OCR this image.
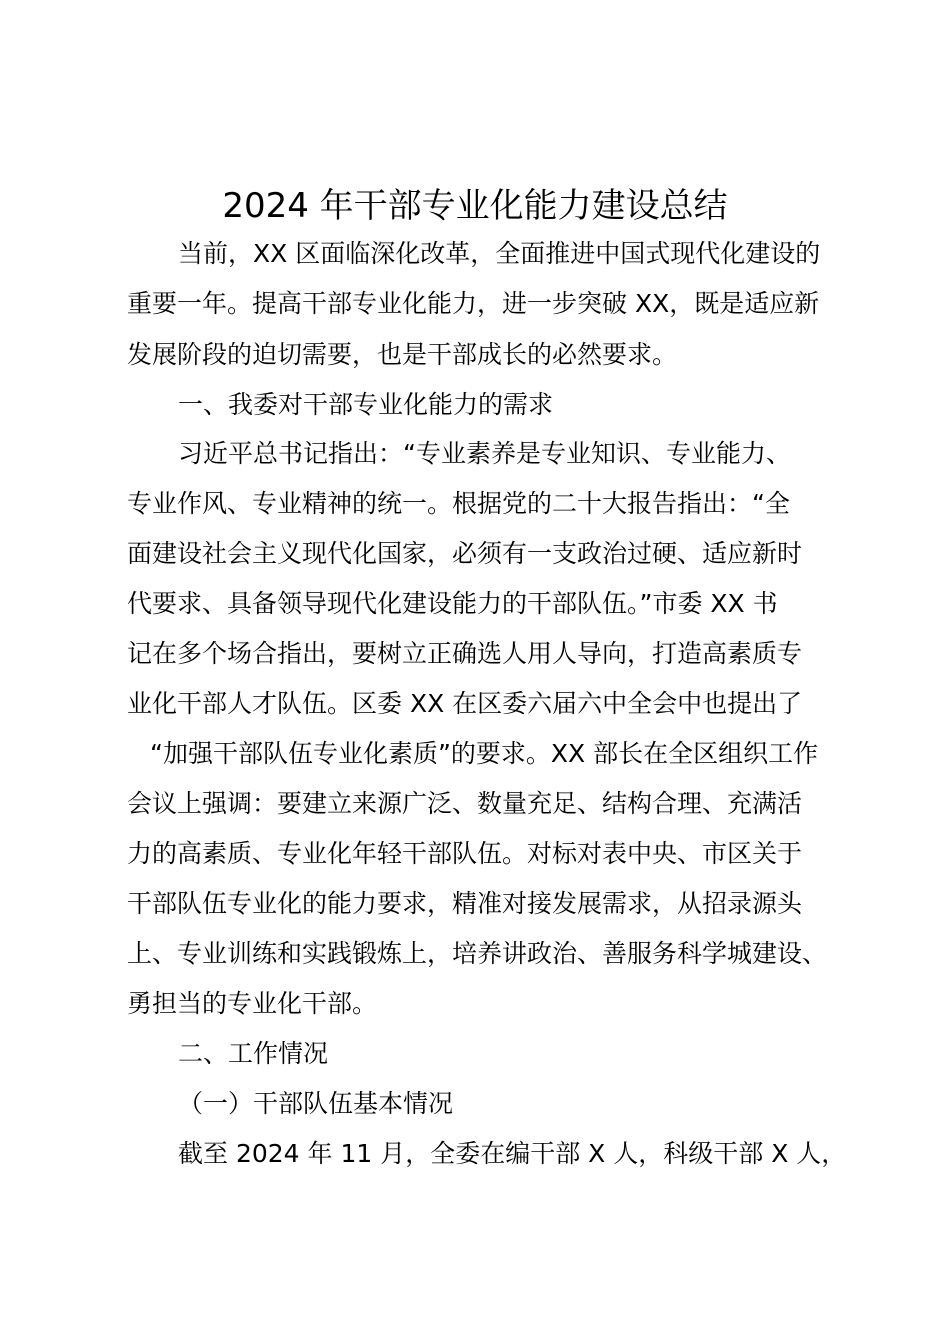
2024 年干部专业化能力建设总结
当前，XX 区面临深化改革，全面推进中国式现代化建设的
重要一年。提高干部专业化能力，进一步突破 XX，既是适应新
发展阶段的迫切需要，也是干部成长的必然要求。
一、我委对干部专业化能力的需求
习近平总书记指出：“专业素养是专业知识、专业能力、
专业作风、专业精神的统一。根据党的二十大报告指出：“全
面建设社会主义现代化国家，必须有一支政治过硬、适应新时
代要求、具备领导现代化建设能力的干部队伍。”市委 XX 书
记在多个场合指出，要树立正确选人用人导向，打造高素质专
业化干部人才队伍。区委 XX 在区委六届六中全会中也提出了
“加强干部队伍专业化素质”的要求。XX 部长在全区组织工作
会议上强调：要建立来源广泛、数量充足、结构合理、充满活
力的高素质、专业化年轻干部队伍。对标对表中央、市区关于
干部队伍专业化的能力要求，精准对接发展需求，从招录源头
上、专业训练和实践锻炼上，培养讲政治、善服务科学城建设、
勇担当的专业化干部。
二、工作情况
（一）干部队伍基本情况
截至 2024 年 11 月，全委在编干部 X 人，科级干部 X 人，
